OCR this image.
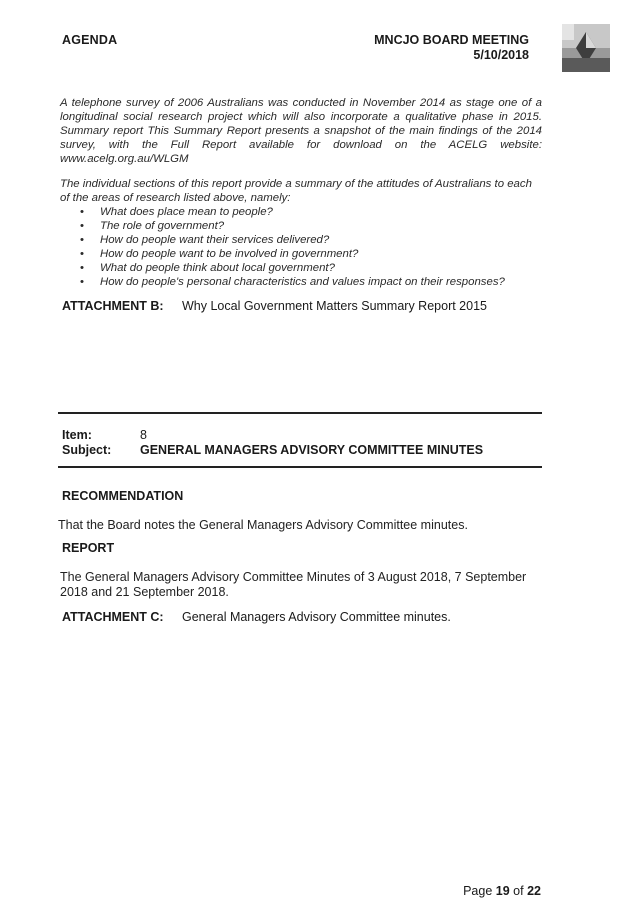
AGENDA	MNCJO BOARD MEETING
5/10/2018

A telephone survey of 2006 Australians was conducted in November 2014 as stage one of a longitudinal social research project which will also incorporate a qualitative phase in 2015. Summary report This Summary Report presents a snapshot of the main findings of the 2014 survey, with the Full Report available for download on the ACELG website:

www.acelg.org.au/WLGM

The individual sections of this report provide a summary of the attitudes of Australians to each of the areas of research listed above, namely:

• What does place mean to people?
• The role of government?
• How do people want their services delivered?
• How do people want to be involved in government?
• What do people think about local government?
• How do people's personal characteristics and values impact on their responses?
ATTACHMENT B: Why Local Government Matters Summary Report 2015
Item:	8
Subject: GENERAL MANAGERS ADVISORY COMMITTEE MINUTES
RECOMMENDATION
That the Board notes the General Managers Advisory Committee minutes.
REPORT
The General Managers Advisory Committee Minutes of 3 August 2018, 7 September 2018 and 21 September 2018.
ATTACHMENT C: General Managers Advisory Committee minutes.
Page 19 of 22
